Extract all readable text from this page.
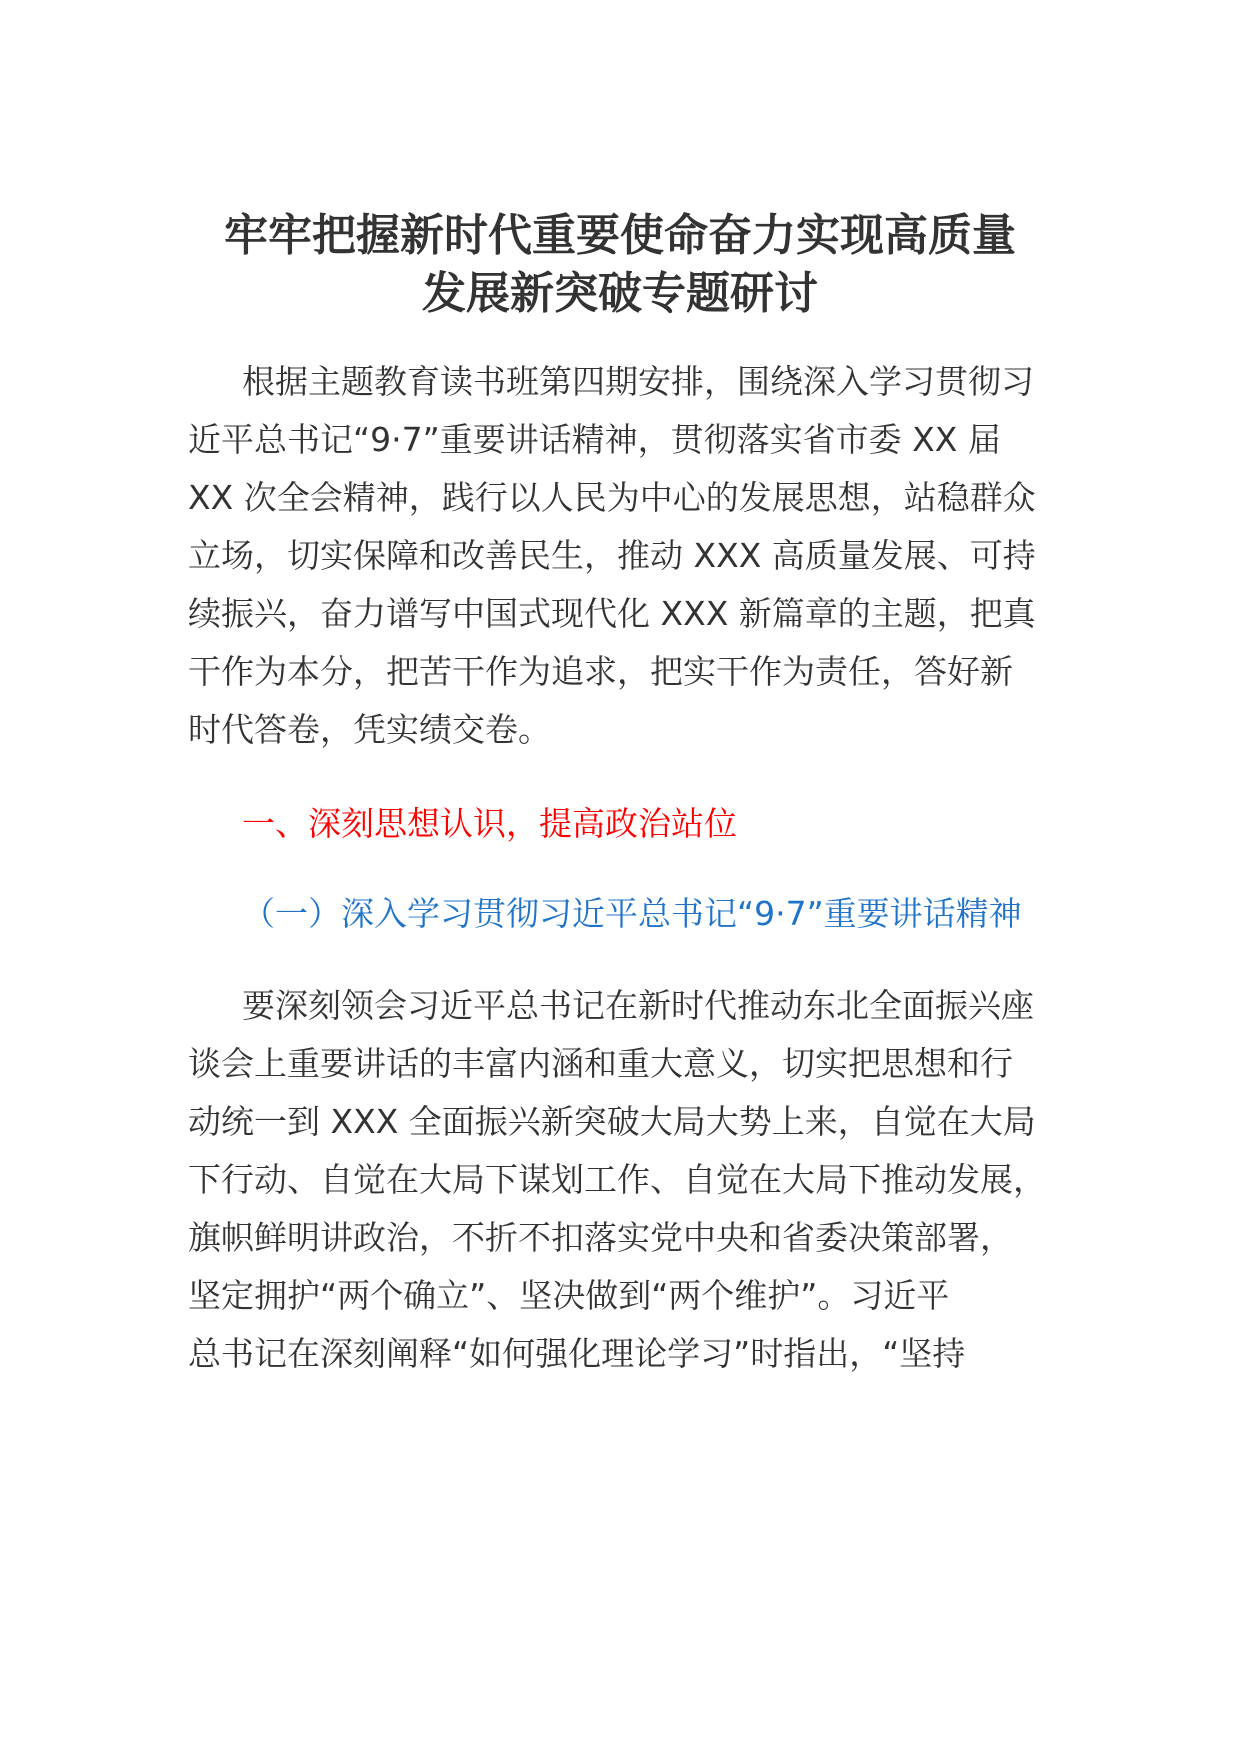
牢牢把握新时代重要使命奋力实现高质量
发展新突破专题研讨
根据主题教育读书班第四期安排，围绕深入学习贯彻习
近平总书记“9·7”重要讲话精神，贯彻落实省市委 XX 届
XX 次全会精神，践行以人民为中心的发展思想，站稳群众
立场，切实保障和改善民生，推动 XXX 高质量发展、可持
续振兴，奋力谱写中国式现代化 XXX 新篇章的主题，把真
干作为本分，把苦干作为追求，把实干作为责任，答好新
时代答卷，凭实绩交卷。
一、深刻思想认识，提高政治站位
（一）深入学习贯彻习近平总书记“9·7”重要讲话精神
要深刻领会习近平总书记在新时代推动东北全面振兴座
谈会上重要讲话的丰富内涵和重大意义，切实把思想和行
动统一到 XXX 全面振兴新突破大局大势上来，自觉在大局
下行动、自觉在大局下谋划工作、自觉在大局下推动发展，
旗帜鲜明讲政治，不折不扣落实党中央和省委决策部署，
坚定拥护“两个确立”、坚决做到“两个维护”。习近平
总书记在深刻阐释“如何强化理论学习”时指出，“坚持
